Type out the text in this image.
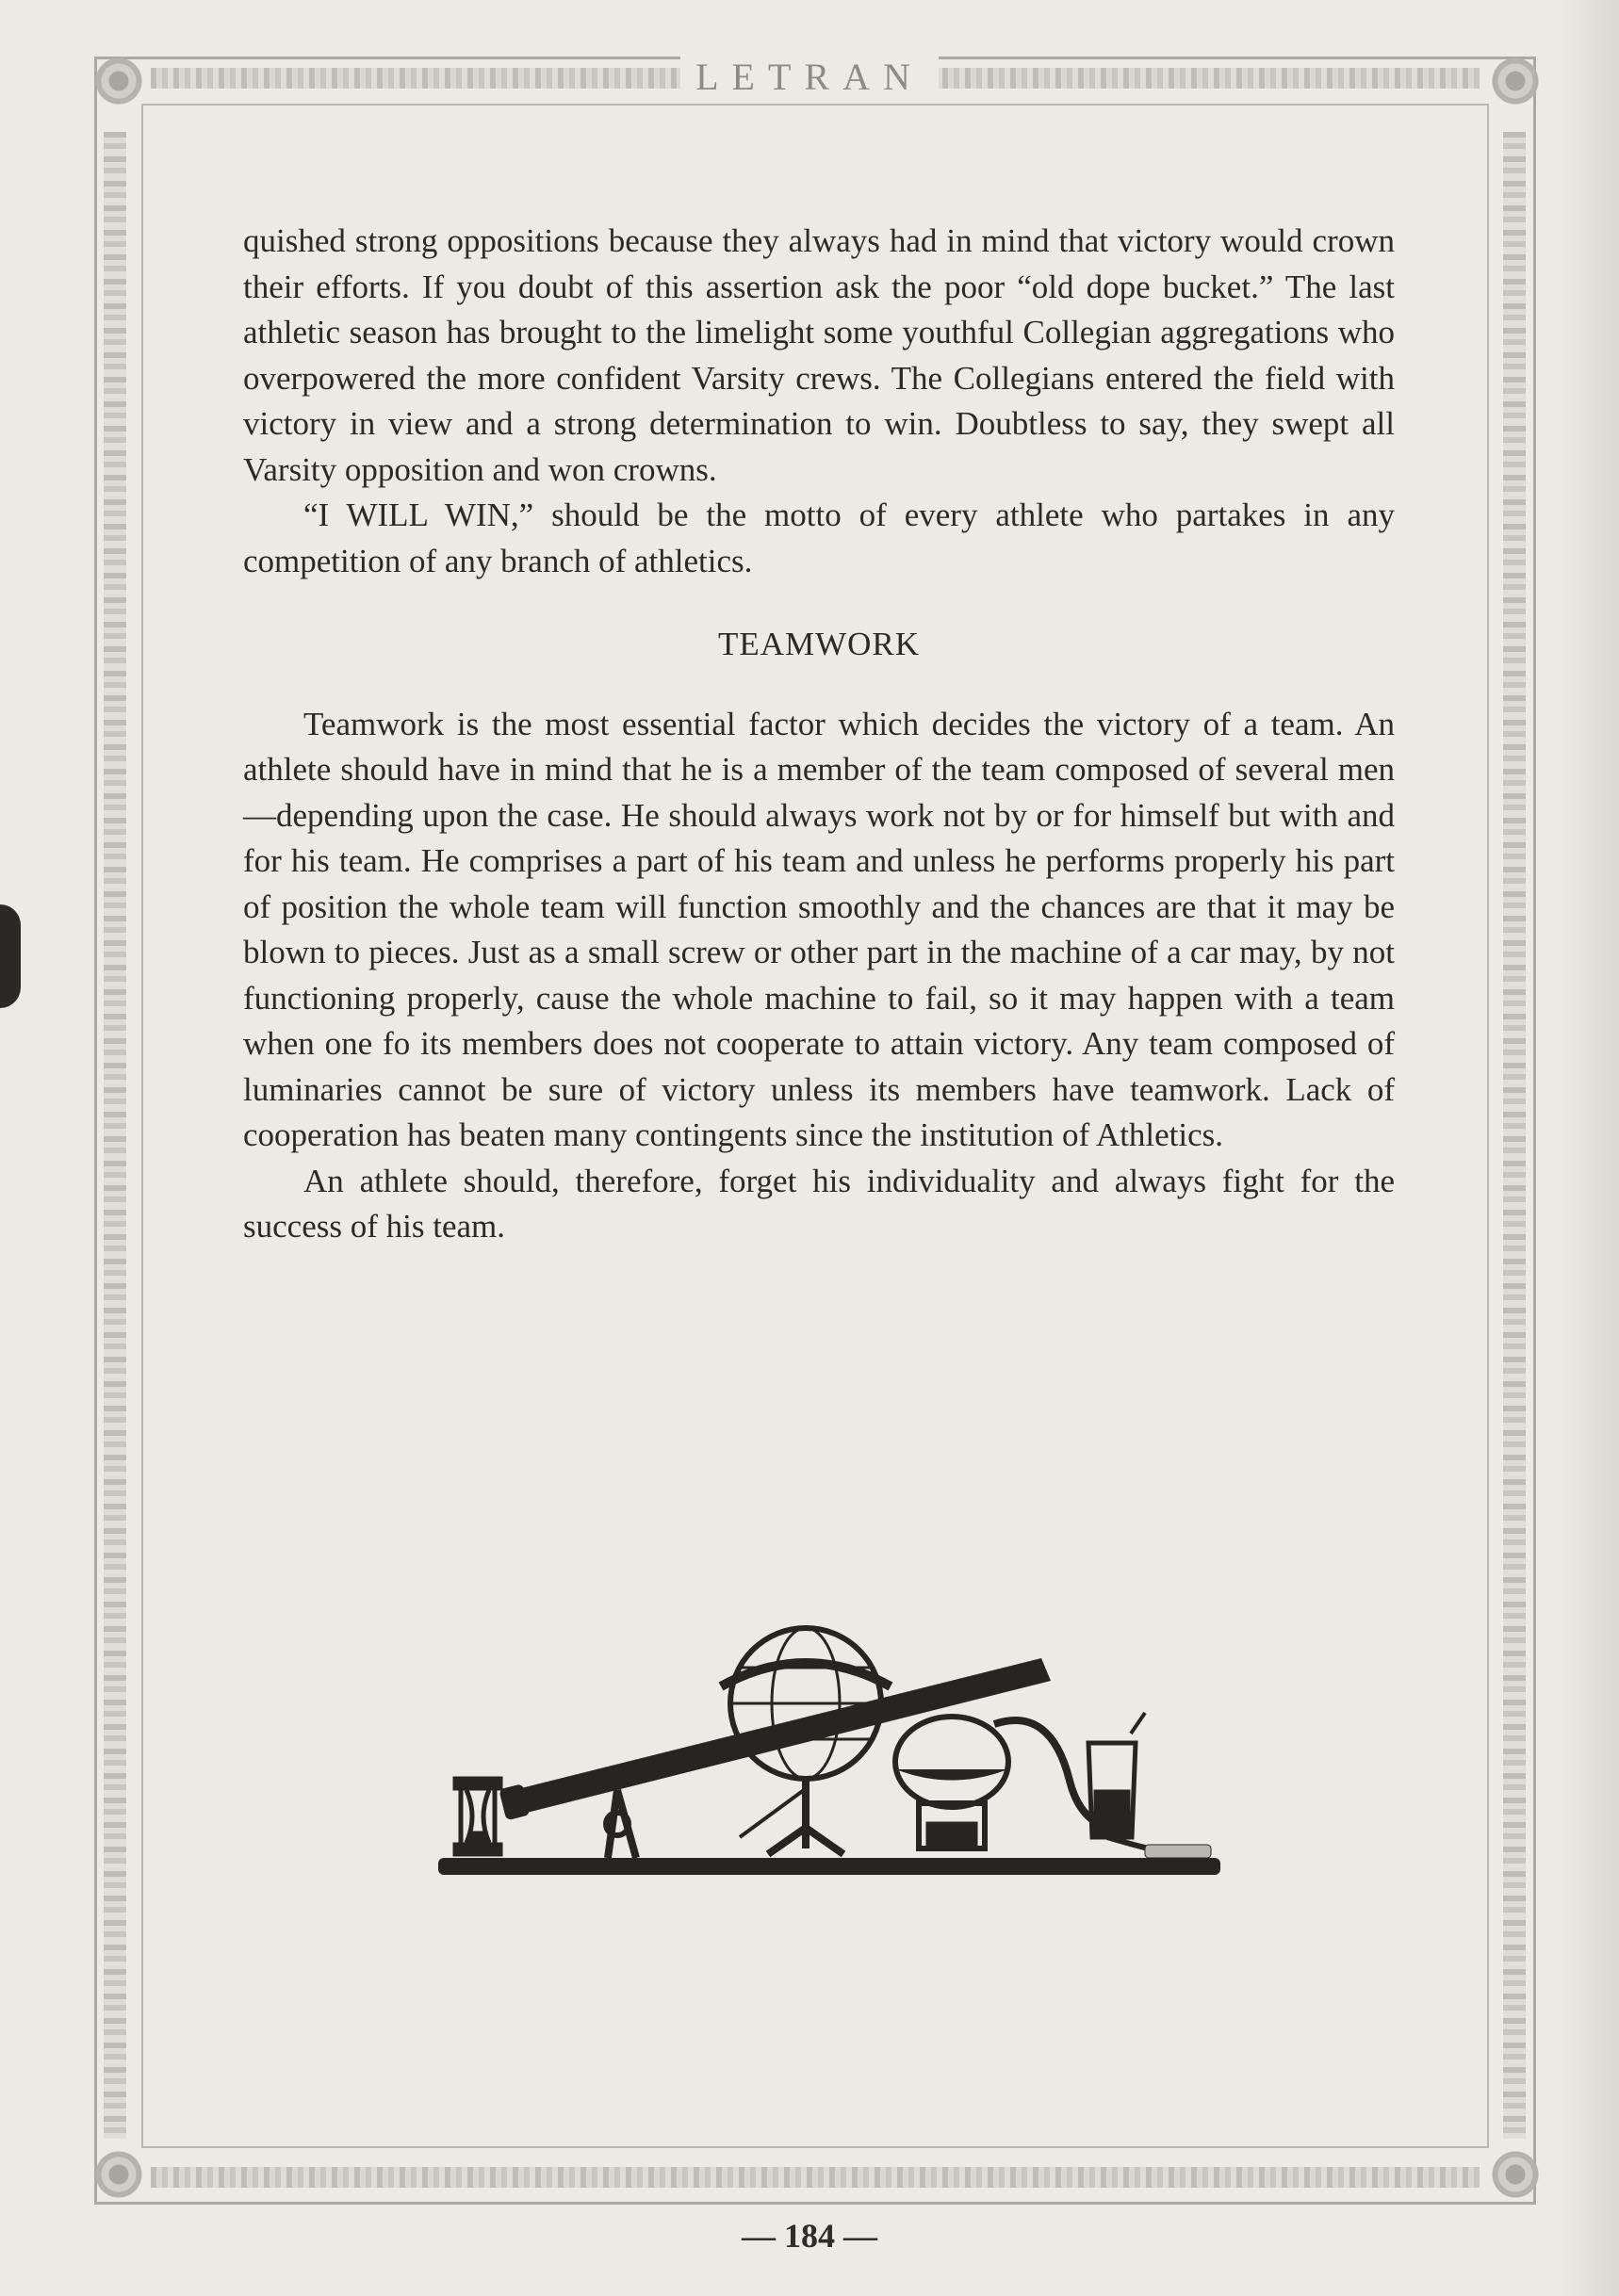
LETRAN

quished strong oppositions because they always had in mind that victory would crown their efforts. If you doubt of this assertion ask the poor “old dope bucket.” The last athletic season has brought to the limelight some youthful Collegian aggregations who overpowered the more confident Varsity crews. The Collegians entered the field with victory in view and a strong determination to win. Doubtless to say, they swept all Varsity opposition and won crowns.

“I WILL WIN,” should be the motto of every athlete who partakes in any competition of any branch of athletics.

TEAMWORK

Teamwork is the most essential factor which decides the victory of a team. An athlete should have in mind that he is a member of the team composed of several men—depending upon the case. He should always work not by or for himself but with and for his team. He comprises a part of his team and unless he performs properly his part of position the whole team will function smoothly and the chances are that it may be blown to pieces. Just as a small screw or other part in the machine of a car may, by not functioning properly, cause the whole machine to fail, so it may happen with a team when one fo its members does not cooperate to attain victory. Any team composed of luminaries cannot be sure of victory unless its members have teamwork. Lack of cooperation has beaten many contingents since the institution of Athletics.

An athlete should, therefore, forget his individuality and always fight for the success of his team.

— 184 —
